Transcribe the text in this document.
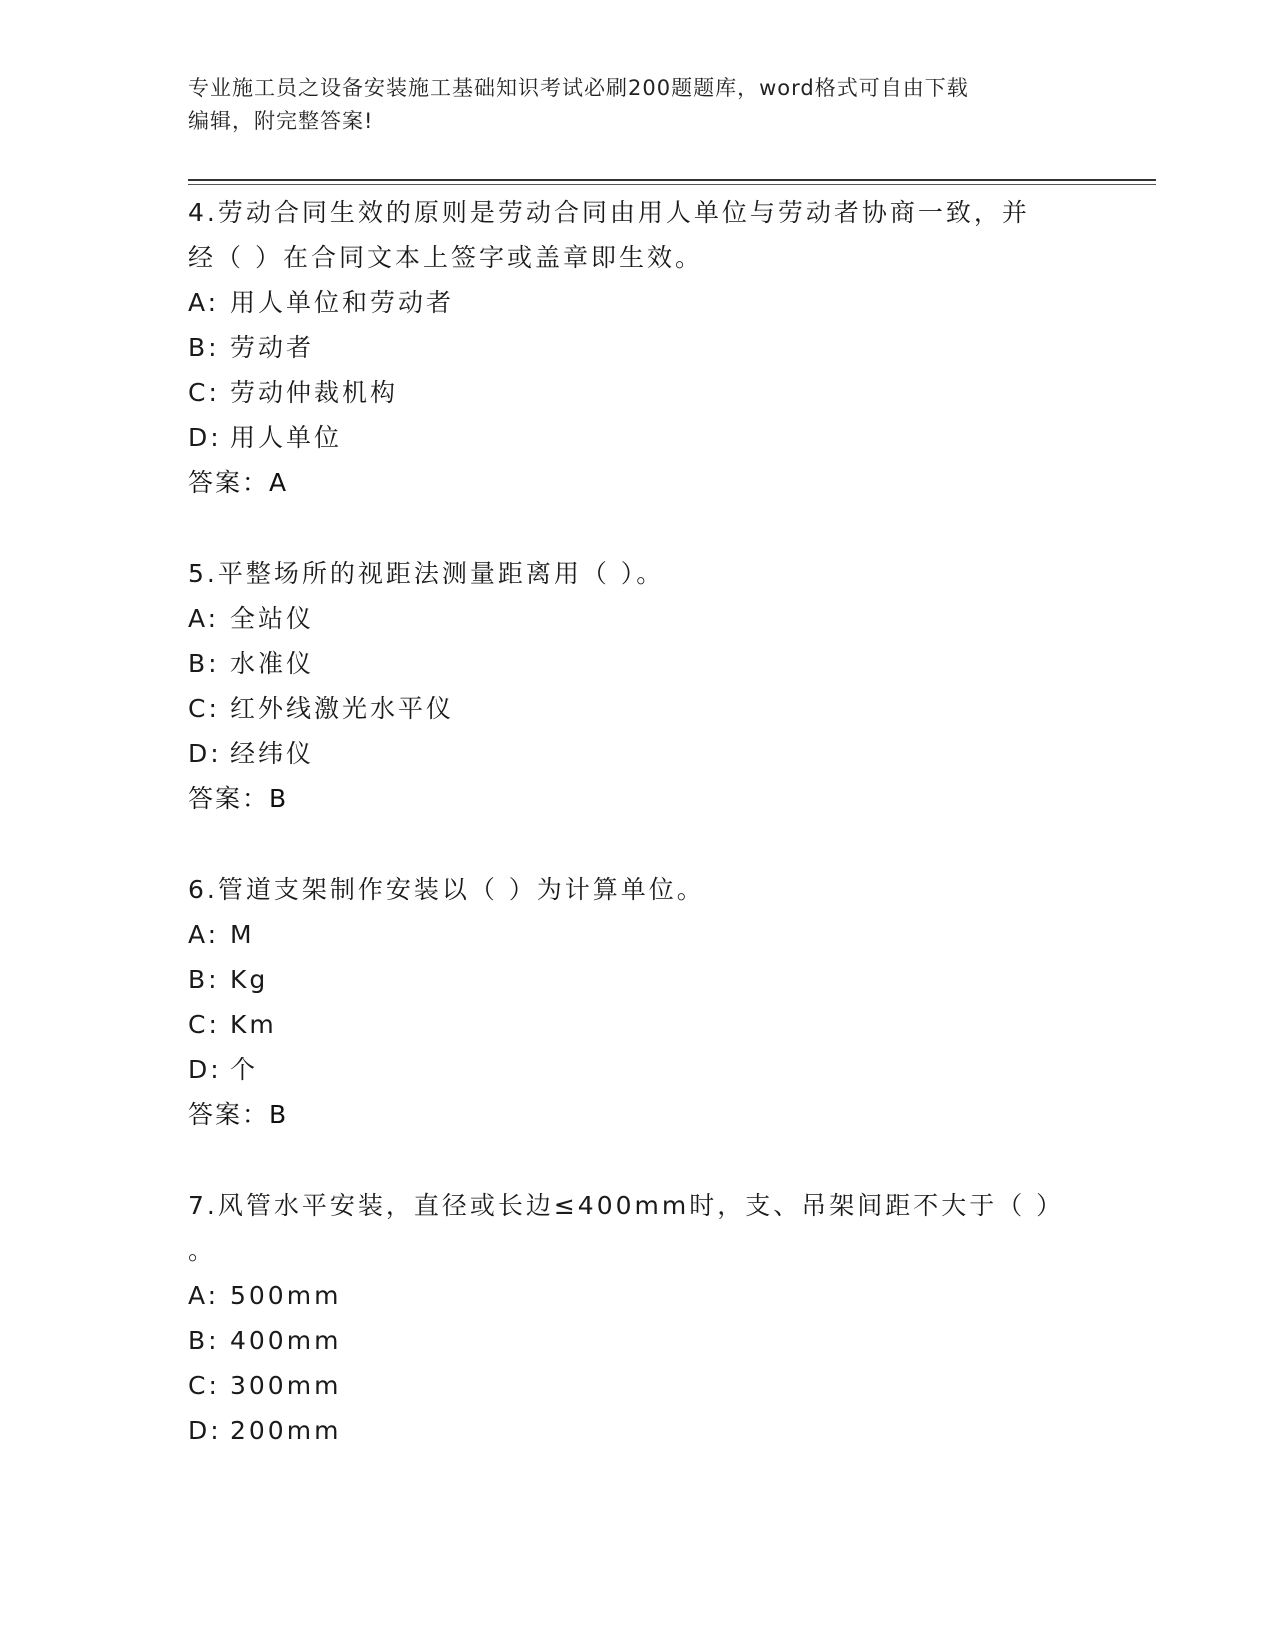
专业施工员之设备安装施工基础知识考试必刷200题题库，word格式可自由下载
编辑，附完整答案!

4.劳动合同生效的原则是劳动合同由用人单位与劳动者协商一致，并

经（ ）在合同文本上签字或盖章即生效。

A: 用人单位和劳动者

B: 劳动者

C: 劳动仲裁机构

D: 用人单位

答案：A

5.平整场所的视距法测量距离用（ ）。

A: 全站仪

B: 水准仪

C: 红外线激光水平仪

D: 经纬仪

答案：B

6.管道支架制作安装以（ ）为计算单位。

A: M

B: Kg

C: Km

D: 个

答案：B

7.风管水平安装，直径或长边≤400mm时，支、吊架间距不大于（ ）

。

A: 500mm

B: 400mm

C: 300mm

D: 200mm
